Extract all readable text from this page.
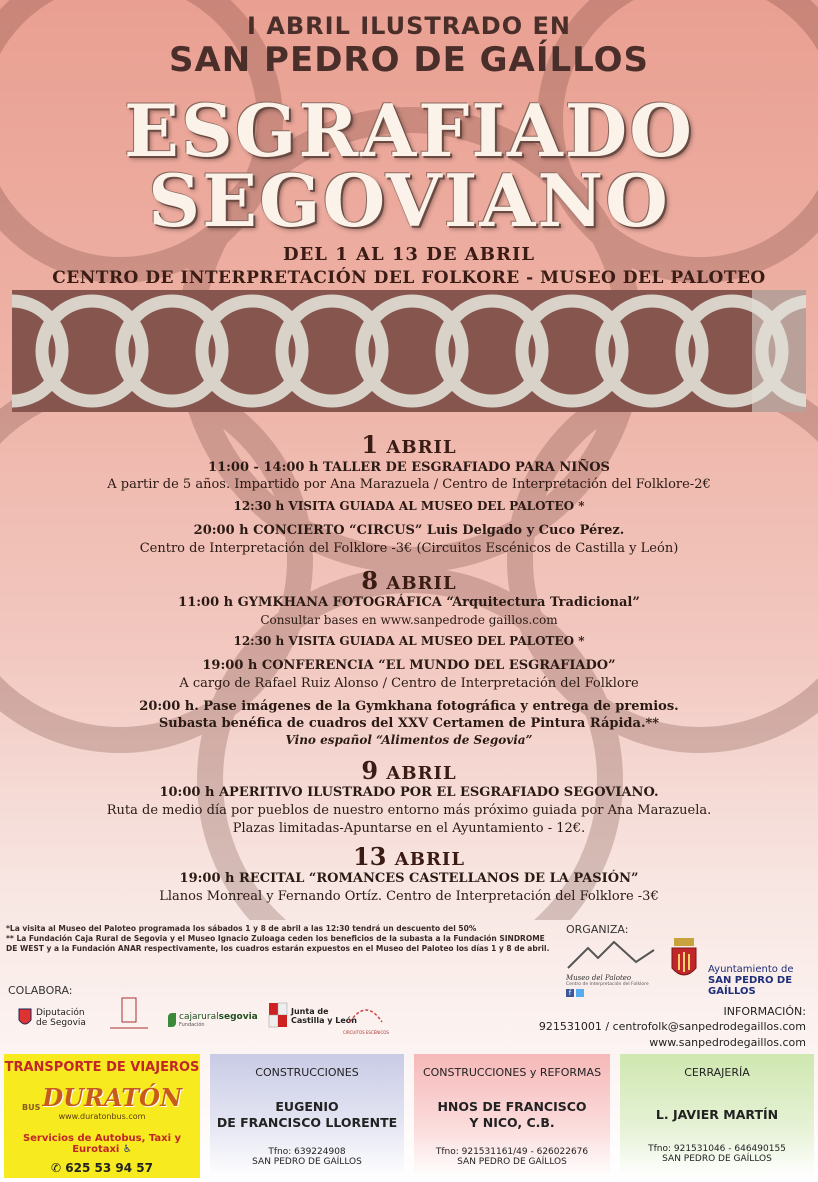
I ABRIL ILUSTRADO EN
SAN PEDRO DE GAÍLLOS
ESGRAFIADO
SEGOVIANO
DEL 1 AL 13 DE ABRIL
CENTRO DE INTERPRETACIÓN DEL FOLKORE - MUSEO DEL PALOTEO
1 ABRIL
11:00 - 14:00 h TALLER DE ESGRAFIADO PARA NIÑOS
A partir de 5 años. Impartido por Ana Marazuela / Centro de Interpretación del Folklore-2€
12:30 h VISITA GUIADA AL MUSEO DEL PALOTEO *
20:00 h CONCIERTO “CIRCUS” Luis Delgado y Cuco Pérez.
Centro de Interpretación del Folklore -3€ (Circuitos Escénicos de Castilla y León)
8 ABRIL
11:00 h GYMKHANA FOTOGRÁFICA “Arquitectura Tradicional”
Consultar bases en www.sanpedrode gaillos.com
12:30 h VISITA GUIADA AL MUSEO DEL PALOTEO *
19:00 h CONFERENCIA “EL MUNDO DEL ESGRAFIADO”
A cargo de Rafael Ruiz Alonso / Centro de Interpretación del Folklore
20:00 h. Pase imágenes de la Gymkhana fotográfica y entrega de premios.
Subasta benéfica de cuadros del XXV Certamen de Pintura Rápida.**
Vino español “Alimentos de Segovia”
9 ABRIL
10:00 h APERITIVO ILUSTRADO POR EL ESGRAFIADO SEGOVIANO.
Ruta de medio día por pueblos de nuestro entorno más próximo guiada por Ana Marazuela.
Plazas limitadas-Apuntarse en el Ayuntamiento - 12€.
13 ABRIL
19:00 h RECITAL “ROMANCES CASTELLANOS DE LA PASIÓN”
Llanos Monreal y Fernando Ortíz. Centro de Interpretación del Folklore -3€
*La visita al Museo del Paloteo programada los sábados 1 y 8 de abril a las 12:30 tendrá un descuento del 50%
** La Fundación Caja Rural de Segovia y el Museo Ignacio Zuloaga ceden los beneficios de la subasta a la Fundación SINDROME
DE WEST y a la Fundación ANAR respectivamente, los cuadros estarán expuestos en el Museo del Paloteo los días 1 y 8 de abril.
ORGANIZA:
Museo del Paloteo
Centro de Interpretación del Folklore
f
Ayuntamiento de
SAN PEDRO DE GAÍLLOS
COLABORA:
Diputación
de Segovia
cajaruralsegovia
Fundación
Junta de
Castilla y León
CIRCUITOS ESCÉNICOS
INFORMACIÓN:
921531001 / centrofolk@sanpedrodegaillos.com
www.sanpedrodegaillos.com
TRANSPORTE DE VIAJEROS
BUS DURATÓN
www.duratonbus.com
Servicios de Autobus, Taxi y Eurotaxi ♿
✆ 625 53 94 57
CONSTRUCCIONES
EUGENIO
DE FRANCISCO LLORENTE
Tfno: 639224908
SAN PEDRO DE GAÍLLOS
CONSTRUCCIONES y REFORMAS
HNOS DE FRANCISCO
Y NICO, C.B.
Tfno: 921531161/49 - 626022676
SAN PEDRO DE GAÍLLOS
CERRAJERÍA
L. JAVIER MARTÍN
Tfno: 921531046 - 646490155
SAN PEDRO DE GAÍLLOS
